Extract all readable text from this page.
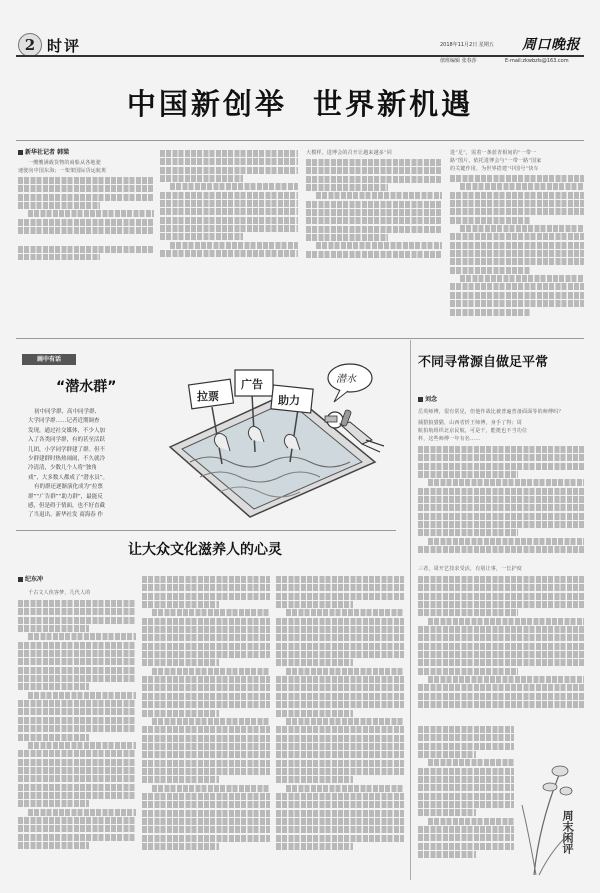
2 时评	2018年11月2日 星期五 周口晚报
值班编辑 张春莎	E-mail:zkwbzls@163.com
中国新创举  世界新机遇
新华社记者 韩梁
一艘艘满载货物的商船从各地驶
速驶向中国东海；一架架国际货运航班
大模样。进博会的召开让越来越多“同	进”足”，需着一条蓝青相间的“一带一
路”图片，依托进博会与“一带一路”国家
的关键作用，为世界搭建“中国号”快车
画中有话
“潜水群”
初中同学群、高中同学群、
大学同学群……记者近期调查
发现，通过社交媒体，不少人加
入了各类同学群，有的甚至活跃
儿团，小学同学群建了群。但不
少群建群时热热闹闹，不久就冷
冷清清，少数几个人将“独角
戏”，大多数人都成了“潜水员”。
有的群还逐渐演化成为“拉票
群”“广告群”“助力群”，最能反
感，但是碍于情面，也不好直截
了当退出。新华社发 商海春 作
拉票
广告
助力
潜水
不同寻常源自做足平常
刘念
岳英师傅，很有常见，但他作战比被普遍普备面面等的师傅吗？
捕猎狼猎猫，山西省忻王师傅，身手了得；周
航拍航组织北京民航，可是干，能挺也不当功位
杯，这些师傅一年有名……
三者，周开艺技求受活，有别让事，一长护度
周末闲评
让大众文化滋养人的心灵
纪东冲
千古文人侠客梦，几代人的
